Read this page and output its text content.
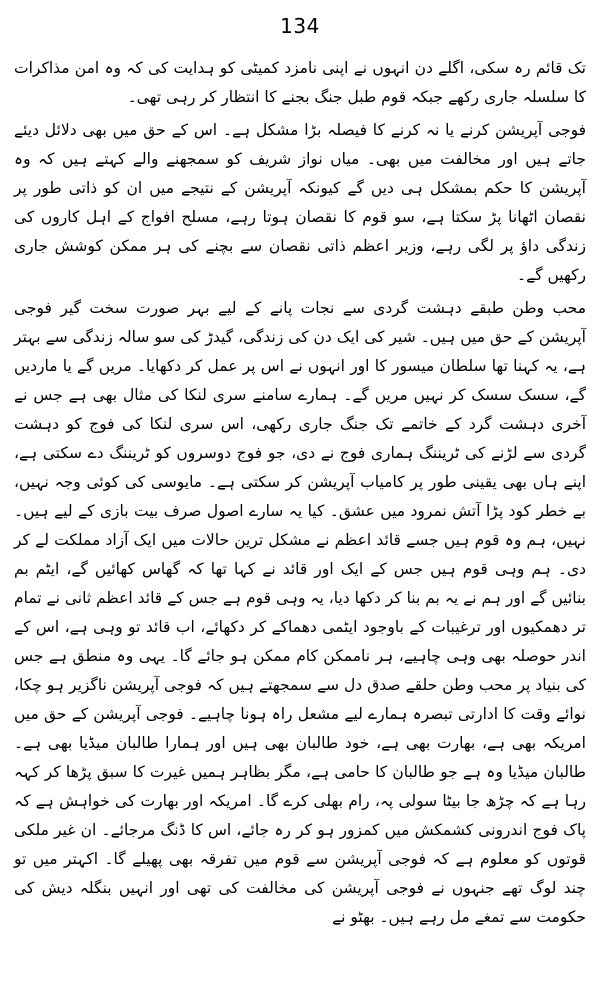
134

تک قائم رہ سکی، اگلے دن انہوں نے اپنی نامزد کمیٹی کو ہدایت کی کہ وہ امن مذاکرات کا سلسلہ جاری رکھے جبکہ قوم طبل جنگ بجنے کا انتظار کر رہی تھی۔

فوجی آپریشن کرنے یا نہ کرنے کا فیصلہ بڑا مشکل ہے۔ اس کے حق میں بھی دلائل دیئے جاتے ہیں اور مخالفت میں بھی۔ میاں نواز شریف کو سمجھنے والے کہتے ہیں کہ وہ آپریشن کا حکم بمشکل ہی دیں گے کیونکہ آپریشن کے نتیجے میں ان کو ذاتی طور پر نقصان اٹھانا پڑ سکتا ہے، سو قوم کا نقصان ہوتا رہے، مسلح افواج کے اہل کاروں کی زندگی داؤ پر لگی رہے، وزیر اعظم ذاتی نقصان سے بچنے کی ہر ممکن کوشش جاری رکھیں گے۔

محب وطن طبقے دہشت گردی سے نجات پانے کے لیے بہر صورت سخت گیر فوجی آپریشن کے حق میں ہیں۔ شیر کی ایک دن کی زندگی، گیدڑ کی سو سالہ زندگی سے بہتر ہے، یہ کہنا تھا سلطان میسور کا اور انہوں نے اس پر عمل کر دکھایا۔ مریں گے یا ماردیں گے، سسک سسک کر نہیں مریں گے۔ ہمارے سامنے سری لنکا کی مثال بھی ہے جس نے آخری دہشت گرد کے خاتمے تک جنگ جاری رکھی، اس سری لنکا کی فوج کو دہشت گردی سے لڑنے کی ٹریننگ ہماری فوج نے دی، جو فوج دوسروں کو ٹریننگ دے سکتی ہے، اپنے ہاں بھی یقینی طور پر کامیاب آپریشن کر سکتی ہے۔ مایوسی کی کوئی وجہ نہیں، بے خطر کود پڑا آتش نمرود میں عشق۔ کیا یہ سارے اصول صرف بیت بازی کے لیے ہیں۔ نہیں، ہم وہ قوم ہیں جسے قائد اعظم نے مشکل ترین حالات میں ایک آزاد مملکت لے کر دی۔ ہم وہی قوم ہیں جس کے ایک اور قائد نے کہا تھا کہ گھاس کھائیں گے، ایٹم بم بنائیں گے اور ہم نے یہ بم بنا کر دکھا دیا، یہ وہی قوم ہے جس کے قائد اعظم ثانی نے تمام تر دھمکیوں اور ترغیبات کے باوجود ایٹمی دھماکے کر دکھائے، اب قائد تو وہی ہے، اس کے اندر حوصلہ بھی وہی چاہیے، ہر ناممکن کام ممکن ہو جائے گا۔ یہی وہ منطق ہے جس کی بنیاد پر محب وطن حلقے صدق دل سے سمجھتے ہیں کہ فوجی آپریشن ناگزیر ہو چکا، نوائے وقت کا ادارتی تبصرہ ہمارے لیے مشعل راہ ہونا چاہیے۔ فوجی آپریشن کے حق میں امریکہ بھی ہے، بھارت بھی ہے، خود طالبان بھی ہیں اور ہمارا طالبان میڈیا بھی ہے۔ طالبان میڈیا وہ ہے جو طالبان کا حامی ہے، مگر بظاہر ہمیں غیرت کا سبق پڑھا کر کہہ رہا ہے کہ چڑھ جا بیٹا سولی پہ، رام بھلی کرے گا۔ امریکہ اور بھارت کی خواہش ہے کہ پاک فوج اندرونی کشمکش میں کمزور ہو کر رہ جائے، اس کا ڈنگ مرجائے۔ ان غیر ملکی قوتوں کو معلوم ہے کہ فوجی آپریشن سے قوم میں تفرقہ بھی پھیلے گا۔ اکہتر میں تو چند لوگ تھے جنہوں نے فوجی آپریشن کی مخالفت کی تھی اور انہیں بنگلہ دیش کی حکومت سے تمغے مل رہے ہیں۔ بھٹو نے
